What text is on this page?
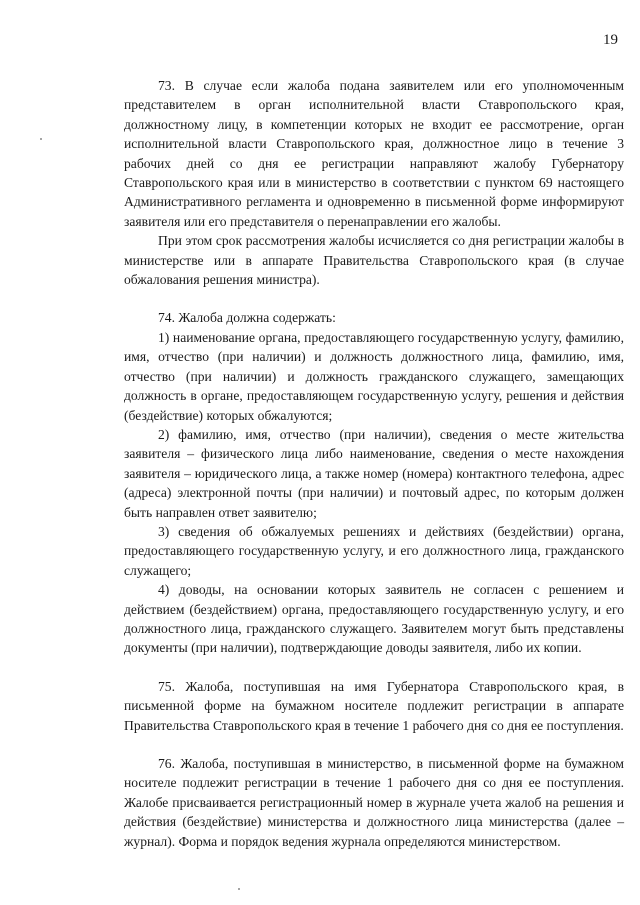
19

73. В случае если жалоба подана заявителем или его уполномоченным представителем в орган исполнительной власти Ставропольского края, должностному лицу, в компетенции которых не входит ее рассмотрение, орган исполнительной власти Ставропольского края, должностное лицо в течение 3 рабочих дней со дня ее регистрации направляют жалобу Губернатору Ставропольского края или в министерство в соответствии с пунктом 69 настоящего Административного регламента и одновременно в письменной форме информируют заявителя или его представителя о перенаправлении его жалобы.

При этом срок рассмотрения жалобы исчисляется со дня регистрации жалобы в министерстве или в аппарате Правительства Ставропольского края (в случае обжалования решения министра).

74. Жалоба должна содержать:

1) наименование органа, предоставляющего государственную услугу, фамилию, имя, отчество (при наличии) и должность должностного лица, фамилию, имя, отчество (при наличии) и должность гражданского служащего, замещающих должность в органе, предоставляющем государственную услугу, решения и действия (бездействие) которых обжалуются;

2) фамилию, имя, отчество (при наличии), сведения о месте жительства заявителя – физического лица либо наименование, сведения о месте нахождения заявителя – юридического лица, а также номер (номера) контактного телефона, адрес (адреса) электронной почты (при наличии) и почтовый адрес, по которым должен быть направлен ответ заявителю;

3) сведения об обжалуемых решениях и действиях (бездействии) органа, предоставляющего государственную услугу, и его должностного лица, гражданского служащего;

4) доводы, на основании которых заявитель не согласен с решением и действием (бездействием) органа, предоставляющего государственную услугу, и его должностного лица, гражданского служащего. Заявителем могут быть представлены документы (при наличии), подтверждающие доводы заявителя, либо их копии.

75. Жалоба, поступившая на имя Губернатора Ставропольского края, в письменной форме на бумажном носителе подлежит регистрации в аппарате Правительства Ставропольского края в течение 1 рабочего дня со дня ее поступления.

76. Жалоба, поступившая в министерство, в письменной форме на бумажном носителе подлежит регистрации в течение 1 рабочего дня со дня ее поступления. Жалобе присваивается регистрационный номер в журнале учета жалоб на решения и действия (бездействие) министерства и должностного лица министерства (далее – журнал). Форма и порядок ведения журнала определяются министерством.
